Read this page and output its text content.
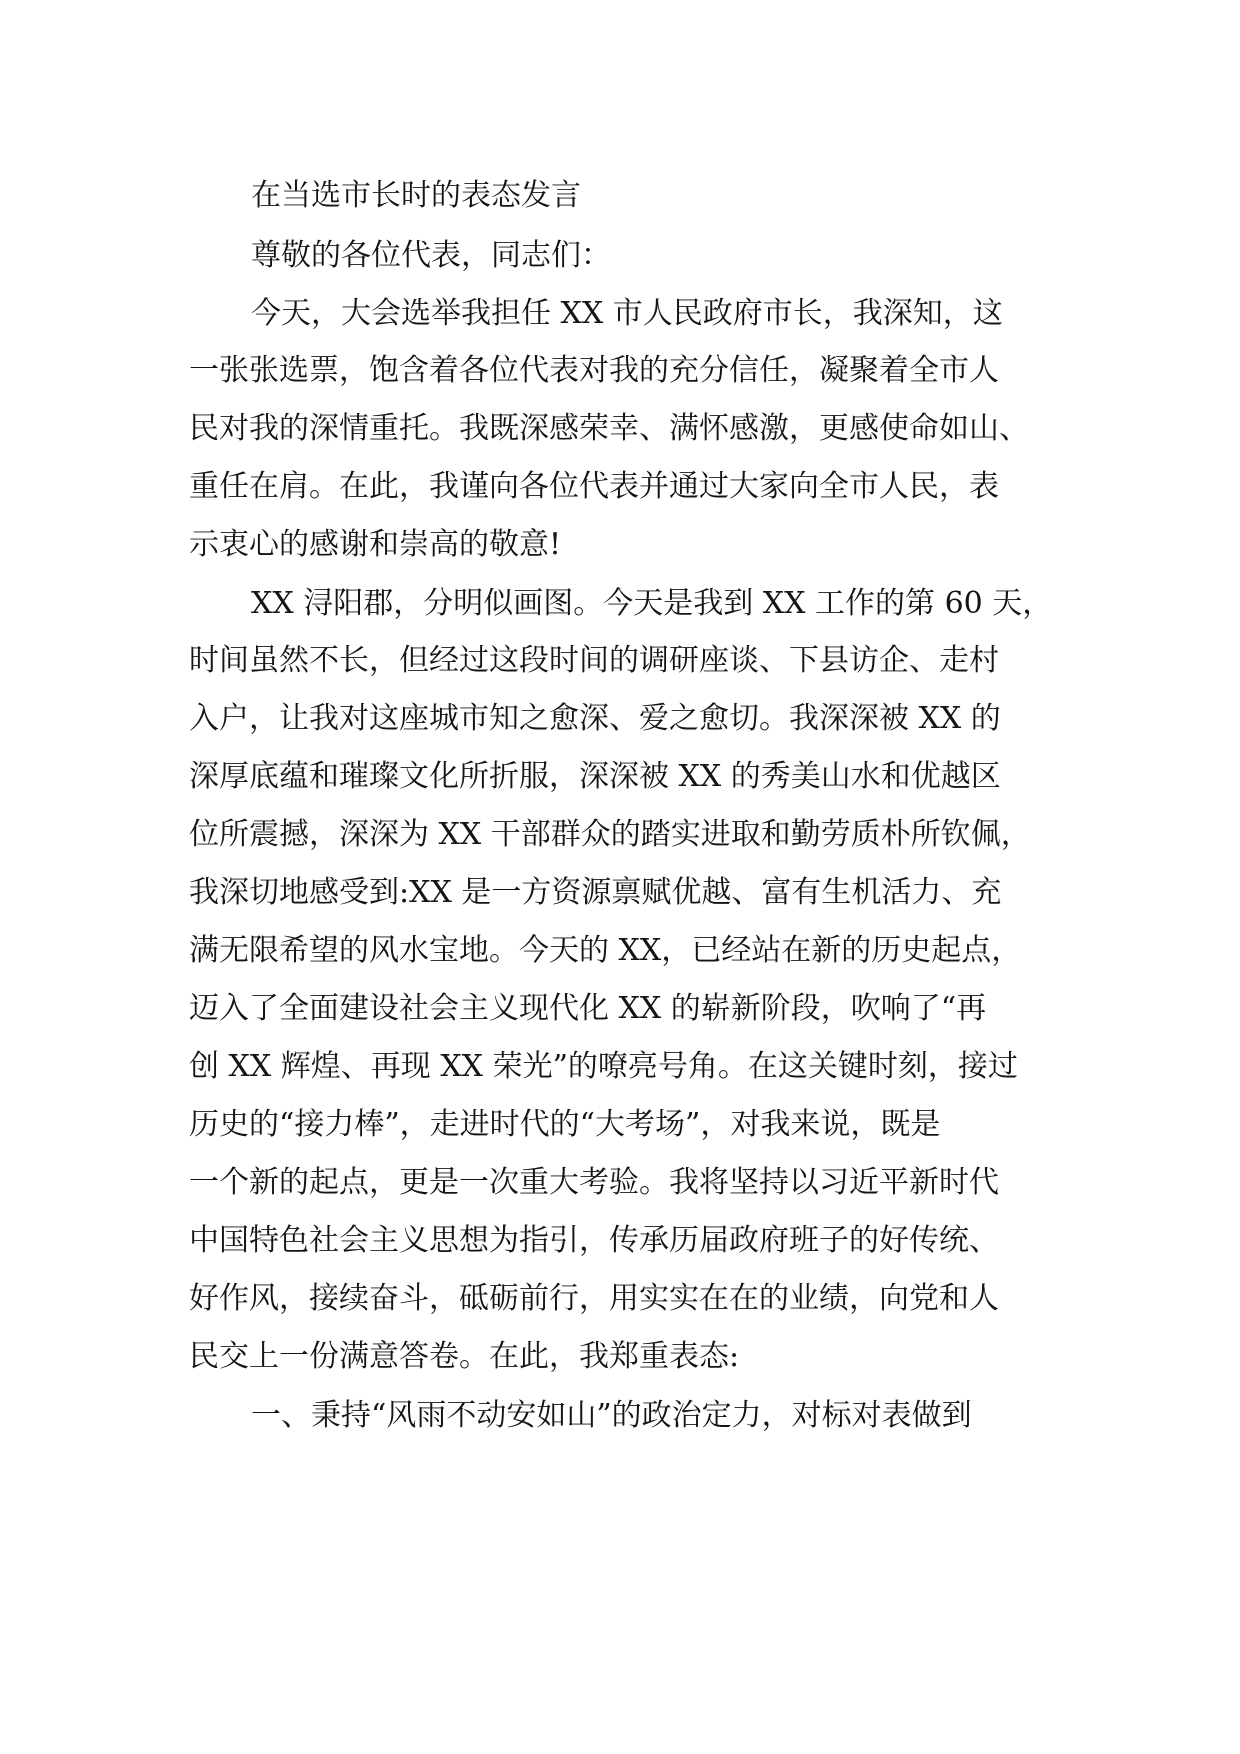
在当选市长时的表态发言
尊敬的各位代表，同志们：
今天，大会选举我担任 XX 市人民政府市长，我深知，这
一张张选票，饱含着各位代表对我的充分信任，凝聚着全市人
民对我的深情重托。我既深感荣幸、满怀感激，更感使命如山、
重任在肩。在此，我谨向各位代表并通过大家向全市人民，表
示衷心的感谢和崇高的敬意!
XX 浔阳郡，分明似画图。今天是我到 XX 工作的第 60 天，
时间虽然不长，但经过这段时间的调研座谈、下县访企、走村
入户，让我对这座城市知之愈深、爱之愈切。我深深被 XX 的
深厚底蕴和璀璨文化所折服，深深被 XX 的秀美山水和优越区
位所震撼，深深为 XX 干部群众的踏实进取和勤劳质朴所钦佩，
我深切地感受到:XX 是一方资源禀赋优越、富有生机活力、充
满无限希望的风水宝地。今天的 XX，已经站在新的历史起点，
迈入了全面建设社会主义现代化 XX 的崭新阶段，吹响了“再
创 XX 辉煌、再现 XX 荣光”的嘹亮号角。在这关键时刻，接过
历史的“接力棒”，走进时代的“大考场”，对我来说，既是
一个新的起点，更是一次重大考验。我将坚持以习近平新时代
中国特色社会主义思想为指引，传承历届政府班子的好传统、
好作风，接续奋斗，砥砺前行，用实实在在的业绩，向党和人
民交上一份满意答卷。在此，我郑重表态:
一、秉持“风雨不动安如山”的政治定力，对标对表做到
